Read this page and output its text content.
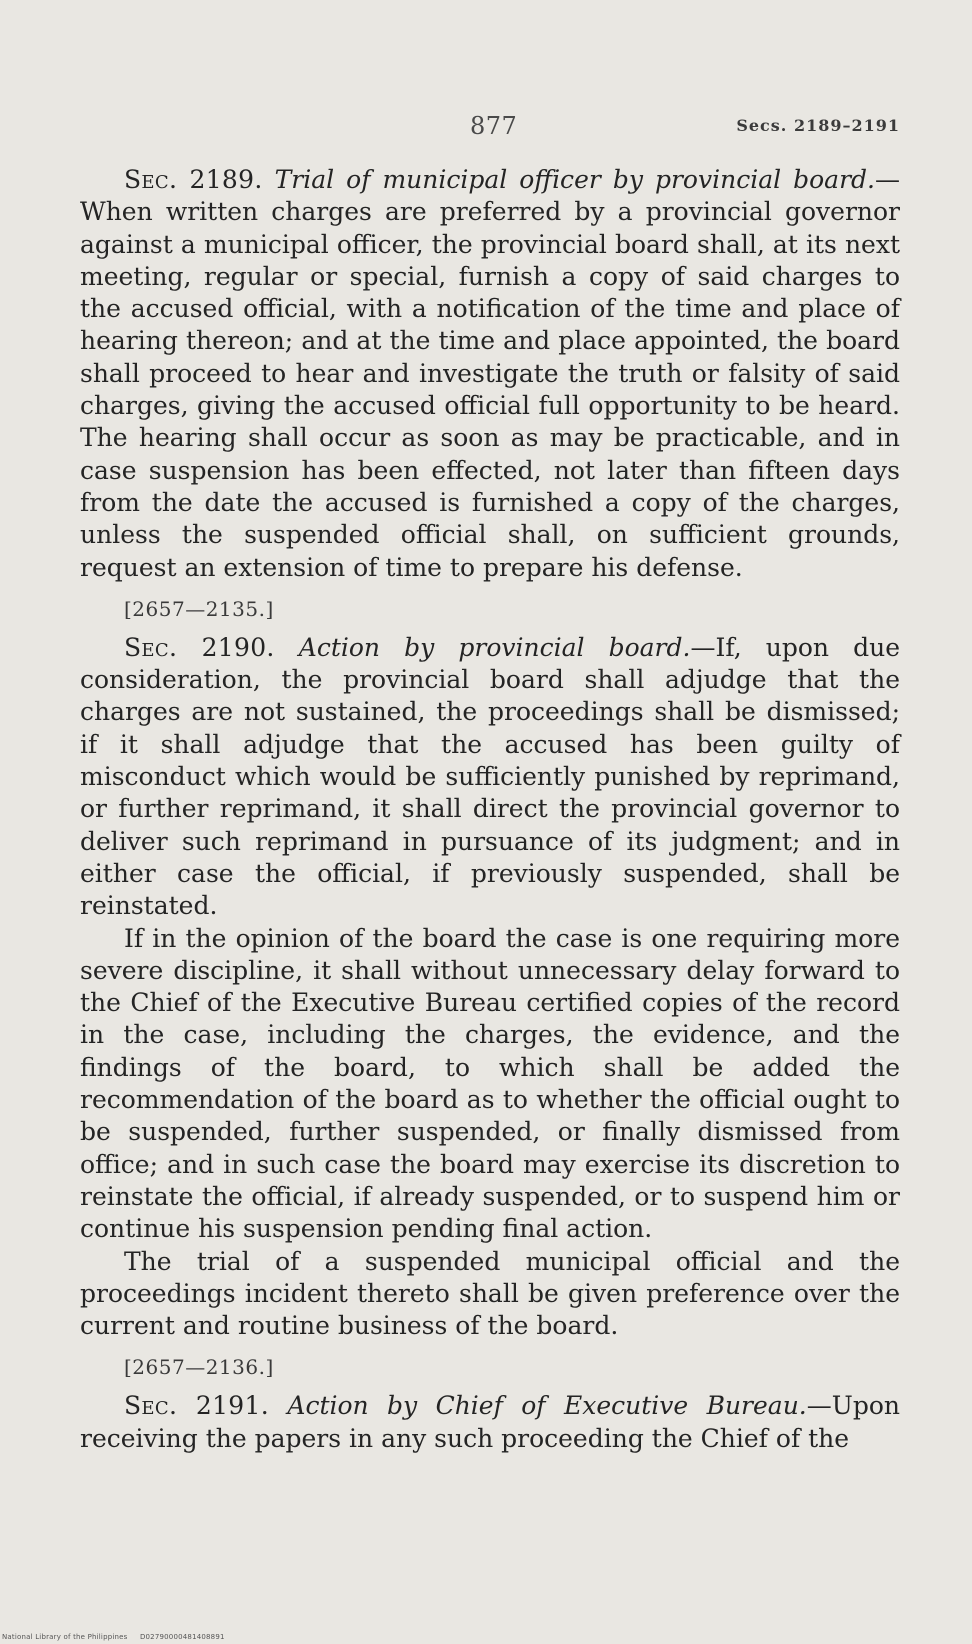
877	Secs. 2189–2191

Sec. 2189. Trial of municipal officer by provincial board.—When written charges are preferred by a provincial governor against a municipal officer, the provincial board shall, at its next meeting, regular or special, furnish a copy of said charges to the accused official, with a notification of the time and place of hearing thereon; and at the time and place appointed, the board shall proceed to hear and investigate the truth or falsity of said charges, giving the accused official full opportunity to be heard. The hearing shall occur as soon as may be practicable, and in case suspension has been effected, not later than fifteen days from the date the accused is furnished a copy of the charges, unless the suspended official shall, on sufficient grounds, request an extension of time to prepare his defense.

[2657—2135.]

Sec. 2190. Action by provincial board.—If, upon due consideration, the provincial board shall adjudge that the charges are not sustained, the proceedings shall be dismissed; if it shall adjudge that the accused has been guilty of misconduct which would be sufficiently punished by reprimand, or further reprimand, it shall direct the provincial governor to deliver such reprimand in pursuance of its judgment; and in either case the official, if previously suspended, shall be reinstated.

If in the opinion of the board the case is one requiring more severe discipline, it shall without unnecessary delay forward to the Chief of the Executive Bureau certified copies of the record in the case, including the charges, the evidence, and the findings of the board, to which shall be added the recommendation of the board as to whether the official ought to be suspended, further suspended, or finally dismissed from office; and in such case the board may exercise its discretion to reinstate the official, if already suspended, or to suspend him or continue his suspension pending final action.

The trial of a suspended municipal official and the proceedings incident thereto shall be given preference over the current and routine business of the board.

[2657—2136.]

Sec. 2191. Action by Chief of Executive Bureau.—Upon receiving the papers in any such proceeding the Chief of the

National Library of the Philippines D02790000481408891
